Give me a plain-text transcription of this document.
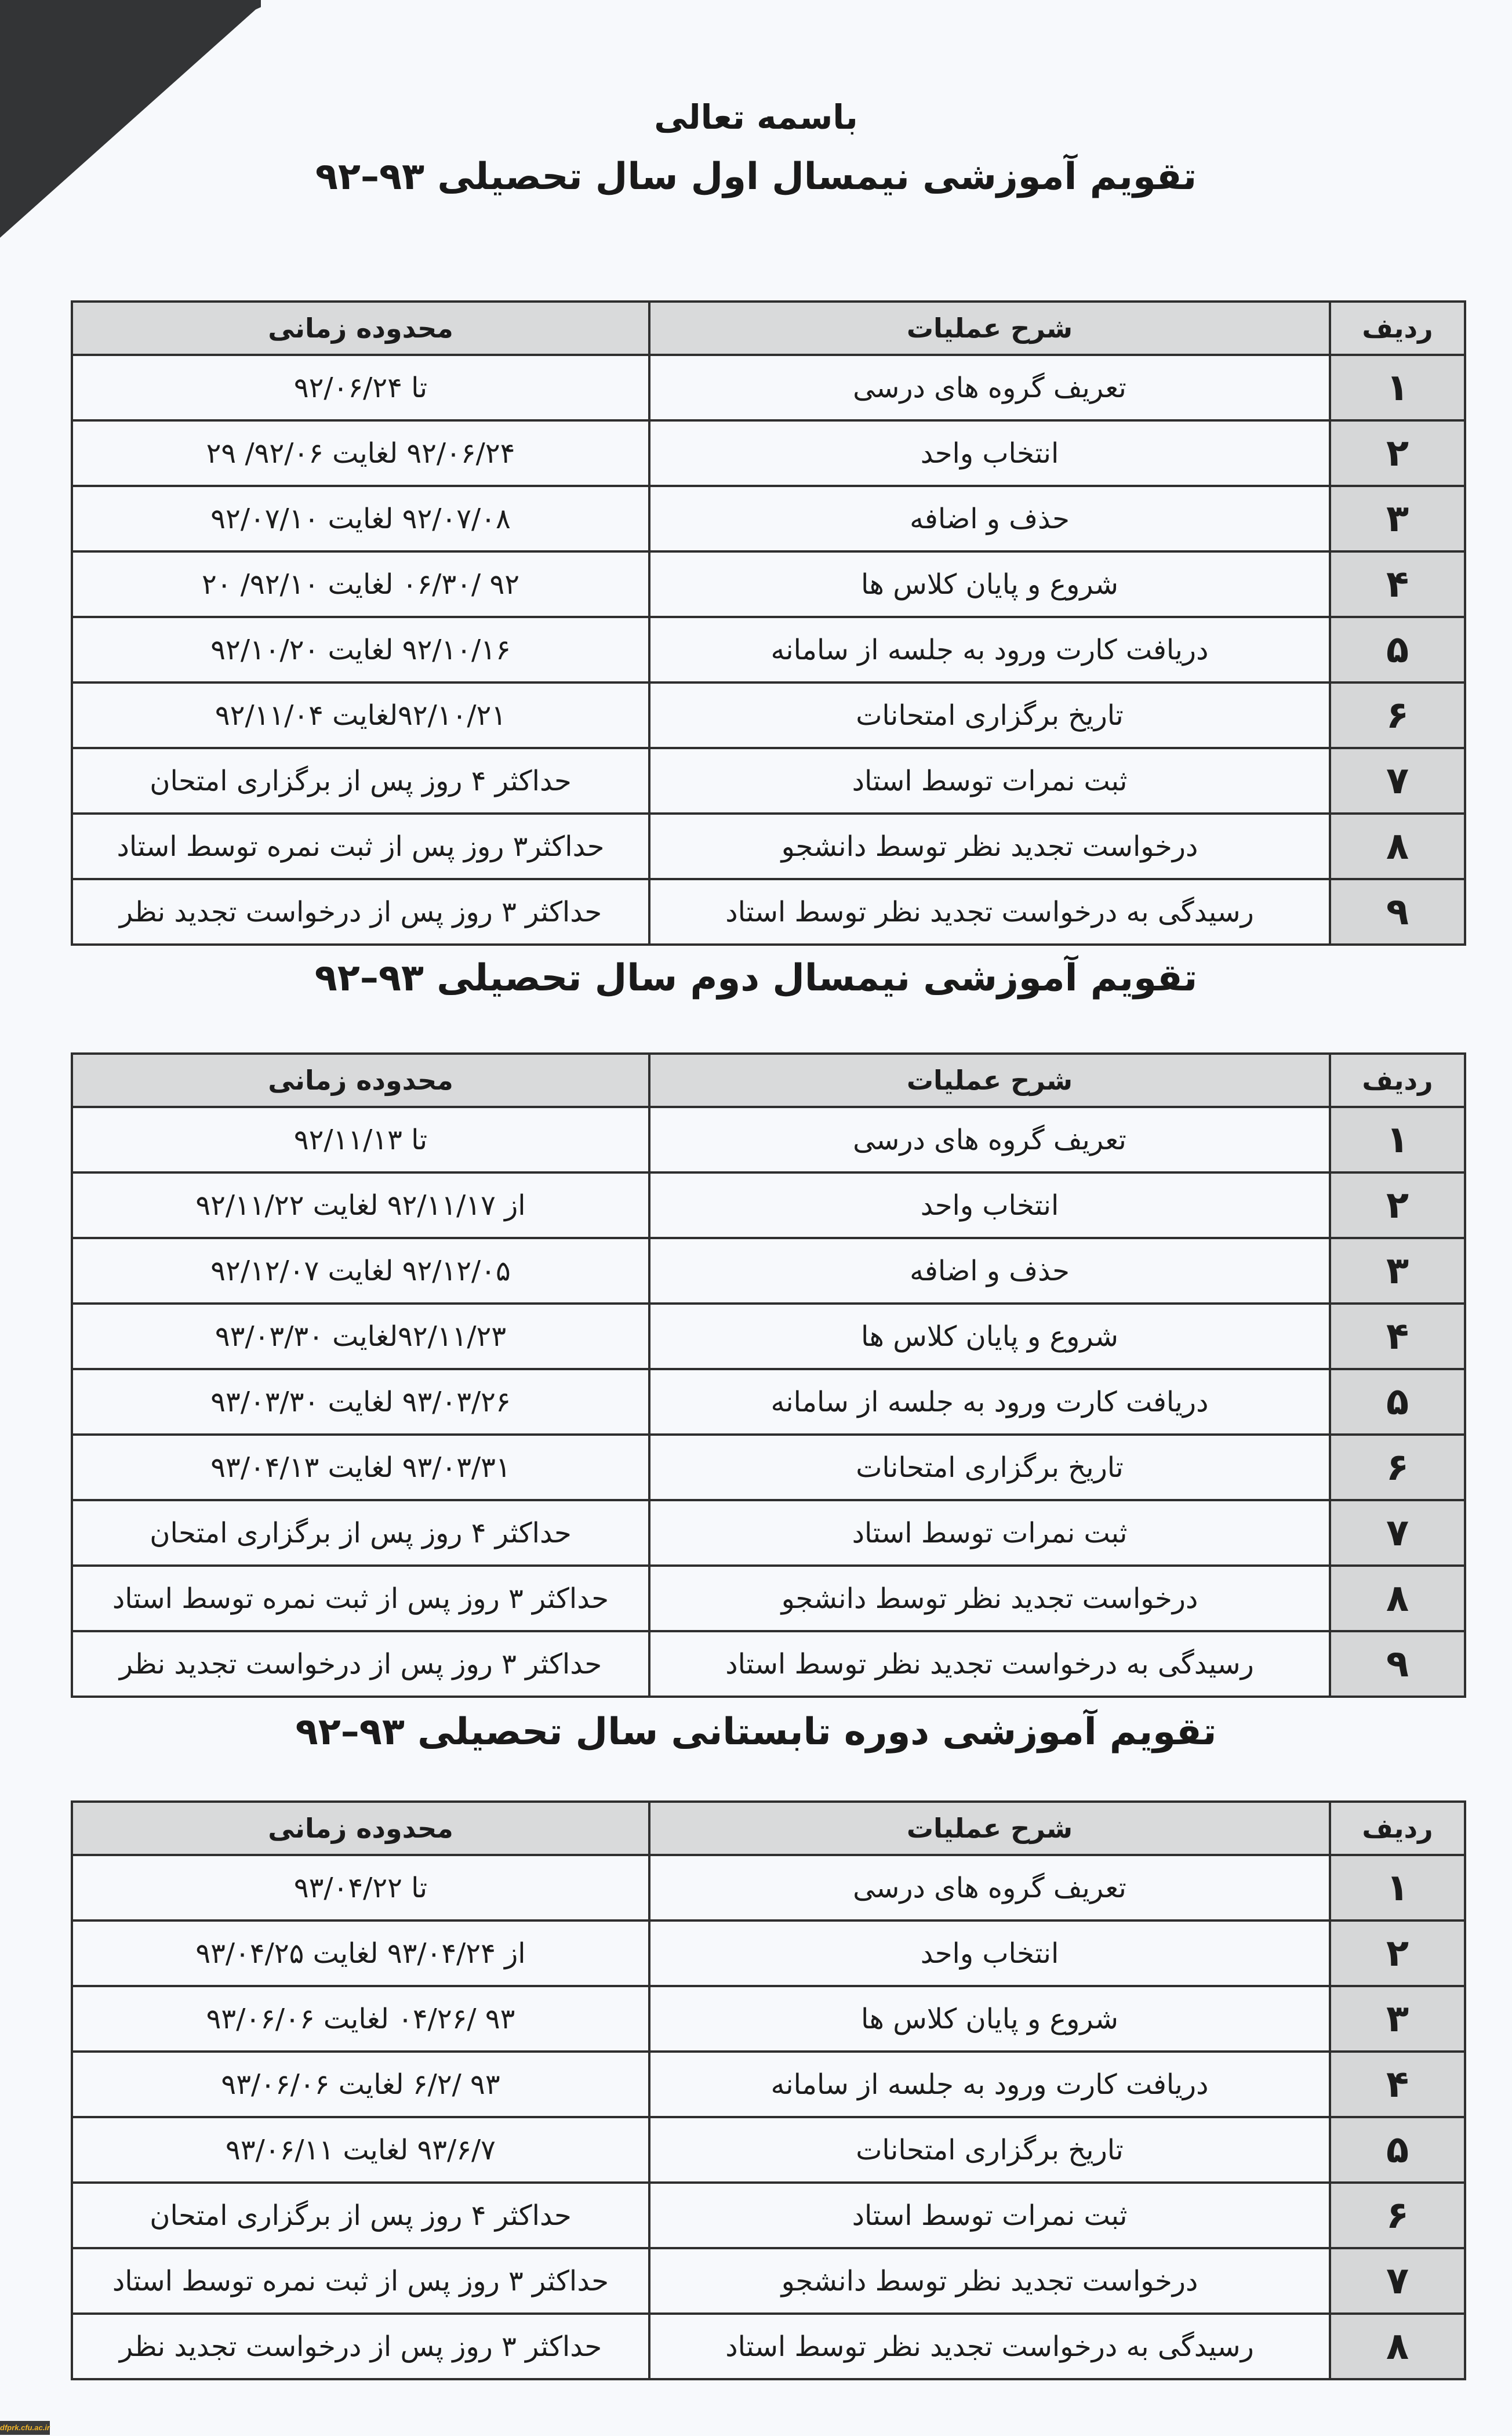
باسمه تعالی
تقویم آموزشی نیمسال اول سال تحصیلی ۹۳–۹۲
ردیف	شرح عملیات	محدوده زمانی
۱	تعریف گروه های درسی	تا ۹۲/۰۶/۲۴
۲	انتخاب واحد	۹۲/۰۶/۲۴ لغایت ۹۲/۰۶/ ۲۹
۳	حذف و اضافه	۹۲/۰۷/۰۸ لغایت ۹۲/۰۷/۱۰
۴	شروع و پایان کلاس ها	۹۲ /۰۶/۳۰ لغایت ۹۲/۱۰/ ۲۰
۵	دریافت کارت ورود به جلسه از سامانه	۹۲/۱۰/۱۶ لغایت ۹۲/۱۰/۲۰
۶	تاریخ برگزاری امتحانات	۹۲/۱۰/۲۱لغایت ۹۲/۱۱/۰۴
۷	ثبت نمرات توسط استاد	حداکثر ۴ روز پس از برگزاری امتحان
۸	درخواست تجدید نظر توسط دانشجو	حداکثر۳ روز پس از ثبت نمره توسط استاد
۹	رسیدگی به درخواست تجدید نظر توسط استاد	حداکثر ۳ روز پس از درخواست تجدید نظر
تقویم آموزشی نیمسال دوم سال تحصیلی ۹۳–۹۲
ردیف	شرح عملیات	محدوده زمانی
۱	تعریف گروه های درسی	تا ۹۲/۱۱/۱۳
۲	انتخاب واحد	از ۹۲/۱۱/۱۷ لغایت ۹۲/۱۱/۲۲
۳	حذف و اضافه	۹۲/۱۲/۰۵ لغایت ۹۲/۱۲/۰۷
۴	شروع و پایان کلاس ها	۹۲/۱۱/۲۳لغایت ۹۳/۰۳/۳۰
۵	دریافت کارت ورود به جلسه از سامانه	۹۳/۰۳/۲۶ لغایت ۹۳/۰۳/۳۰
۶	تاریخ برگزاری امتحانات	۹۳/۰۳/۳۱ لغایت ۹۳/۰۴/۱۳
۷	ثبت نمرات توسط استاد	حداکثر ۴ روز پس از برگزاری امتحان
۸	درخواست تجدید نظر توسط دانشجو	حداکثر ۳ روز پس از ثبت نمره توسط استاد
۹	رسیدگی به درخواست تجدید نظر توسط استاد	حداکثر ۳ روز پس از درخواست تجدید نظر
تقویم آموزشی دوره تابستانی سال تحصیلی ۹۳–۹۲
ردیف	شرح عملیات	محدوده زمانی
۱	تعریف گروه های درسی	تا ۹۳/۰۴/۲۲
۲	انتخاب واحد	از ۹۳/۰۴/۲۴ لغایت ۹۳/۰۴/۲۵
۳	شروع و پایان کلاس ها	۹۳ /۰۴/۲۶ لغایت ۹۳/۰۶/۰۶
۴	دریافت کارت ورود به جلسه از سامانه	۹۳ /۶/۲ لغایت ۹۳/۰۶/۰۶
۵	تاریخ برگزاری امتحانات	۹۳/۶/۷ لغایت ۹۳/۰۶/۱۱
۶	ثبت نمرات توسط استاد	حداکثر ۴ روز پس از برگزاری امتحان
۷	درخواست تجدید نظر توسط دانشجو	حداکثر ۳ روز پس از ثبت نمره توسط استاد
۸	رسیدگی به درخواست تجدید نظر توسط استاد	حداکثر ۳ روز پس از درخواست تجدید نظر
dfprk.cfu.ac.ir
